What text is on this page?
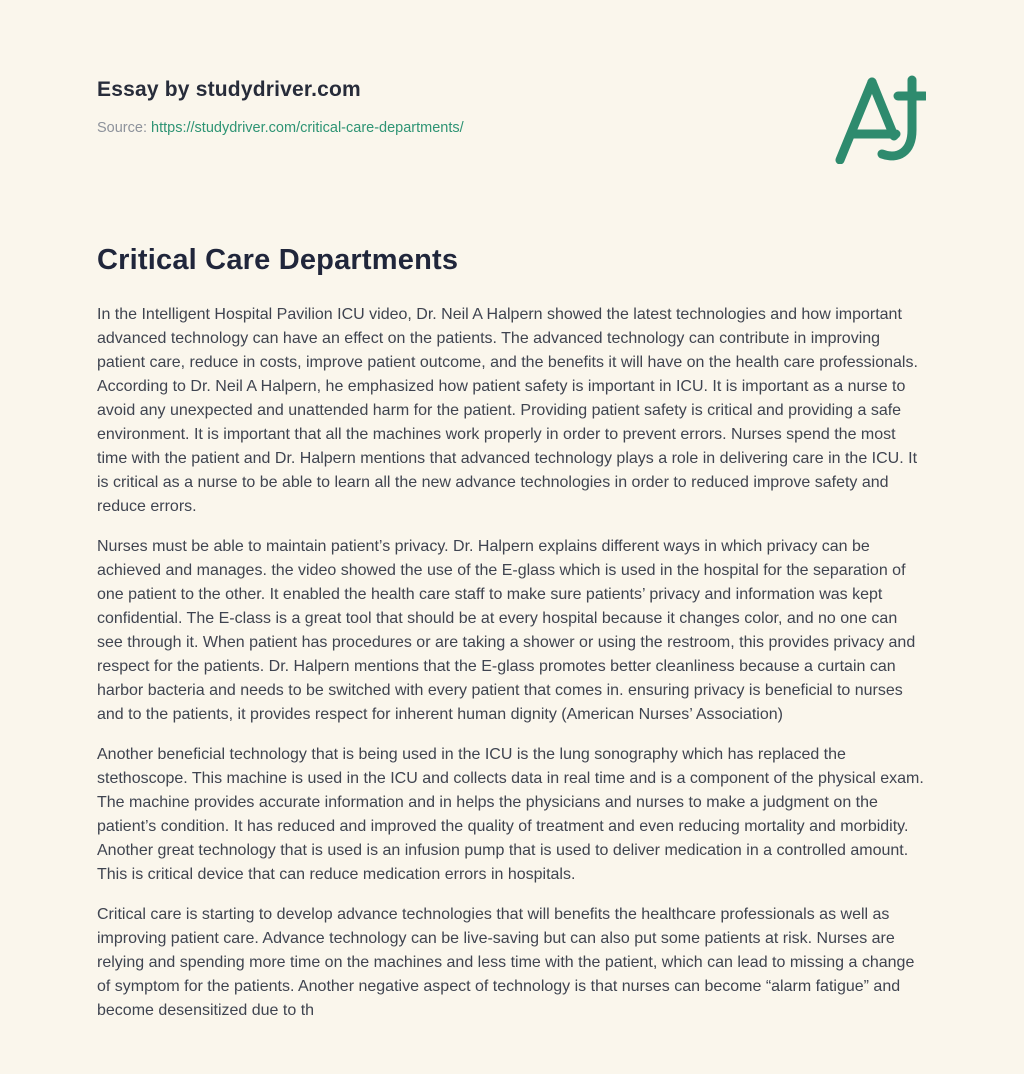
Essay by studydriver.com
Source: https://studydriver.com/critical-care-departments/
Critical Care Departments

In the Intelligent Hospital Pavilion ICU video, Dr. Neil A Halpern showed the latest technologies and how important advanced technology can have an effect on the patients. The advanced technology can contribute in improving patient care, reduce in costs, improve patient outcome, and the benefits it will have on the health care professionals. According to Dr. Neil A Halpern, he emphasized how patient safety is important in ICU. It is important as a nurse to avoid any unexpected and unattended harm for the patient. Providing patient safety is critical and providing a safe environment. It is important that all the machines work properly in order to prevent errors. Nurses spend the most time with the patient and Dr. Halpern mentions that advanced technology plays a role in delivering care in the ICU. It is critical as a nurse to be able to learn all the new advance technologies in order to reduced improve safety and reduce errors.

Nurses must be able to maintain patient’s privacy. Dr. Halpern explains different ways in which privacy can be achieved and manages. the video showed the use of the E-glass which is used in the hospital for the separation of one patient to the other. It enabled the health care staff to make sure patients’ privacy and information was kept confidential. The E-class is a great tool that should be at every hospital because it changes color, and no one can see through it. When patient has procedures or are taking a shower or using the restroom, this provides privacy and respect for the patients. Dr. Halpern mentions that the E-glass promotes better cleanliness because a curtain can harbor bacteria and needs to be switched with every patient that comes in. ensuring privacy is beneficial to nurses and to the patients, it provides respect for inherent human dignity (American Nurses’ Association)

Another beneficial technology that is being used in the ICU is the lung sonography which has replaced the stethoscope. This machine is used in the ICU and collects data in real time and is a component of the physical exam. The machine provides accurate information and in helps the physicians and nurses to make a judgment on the patient’s condition. It has reduced and improved the quality of treatment and even reducing mortality and morbidity. Another great technology that is used is an infusion pump that is used to deliver medication in a controlled amount. This is critical device that can reduce medication errors in hospitals.

Critical care is starting to develop advance technologies that will benefits the healthcare professionals as well as improving patient care. Advance technology can be live-saving but can also put some patients at risk. Nurses are relying and spending more time on the machines and less time with the patient, which can lead to missing a change of symptom for the patients. Another negative aspect of technology is that nurses can become “alarm fatigue” and become desensitized due to th
